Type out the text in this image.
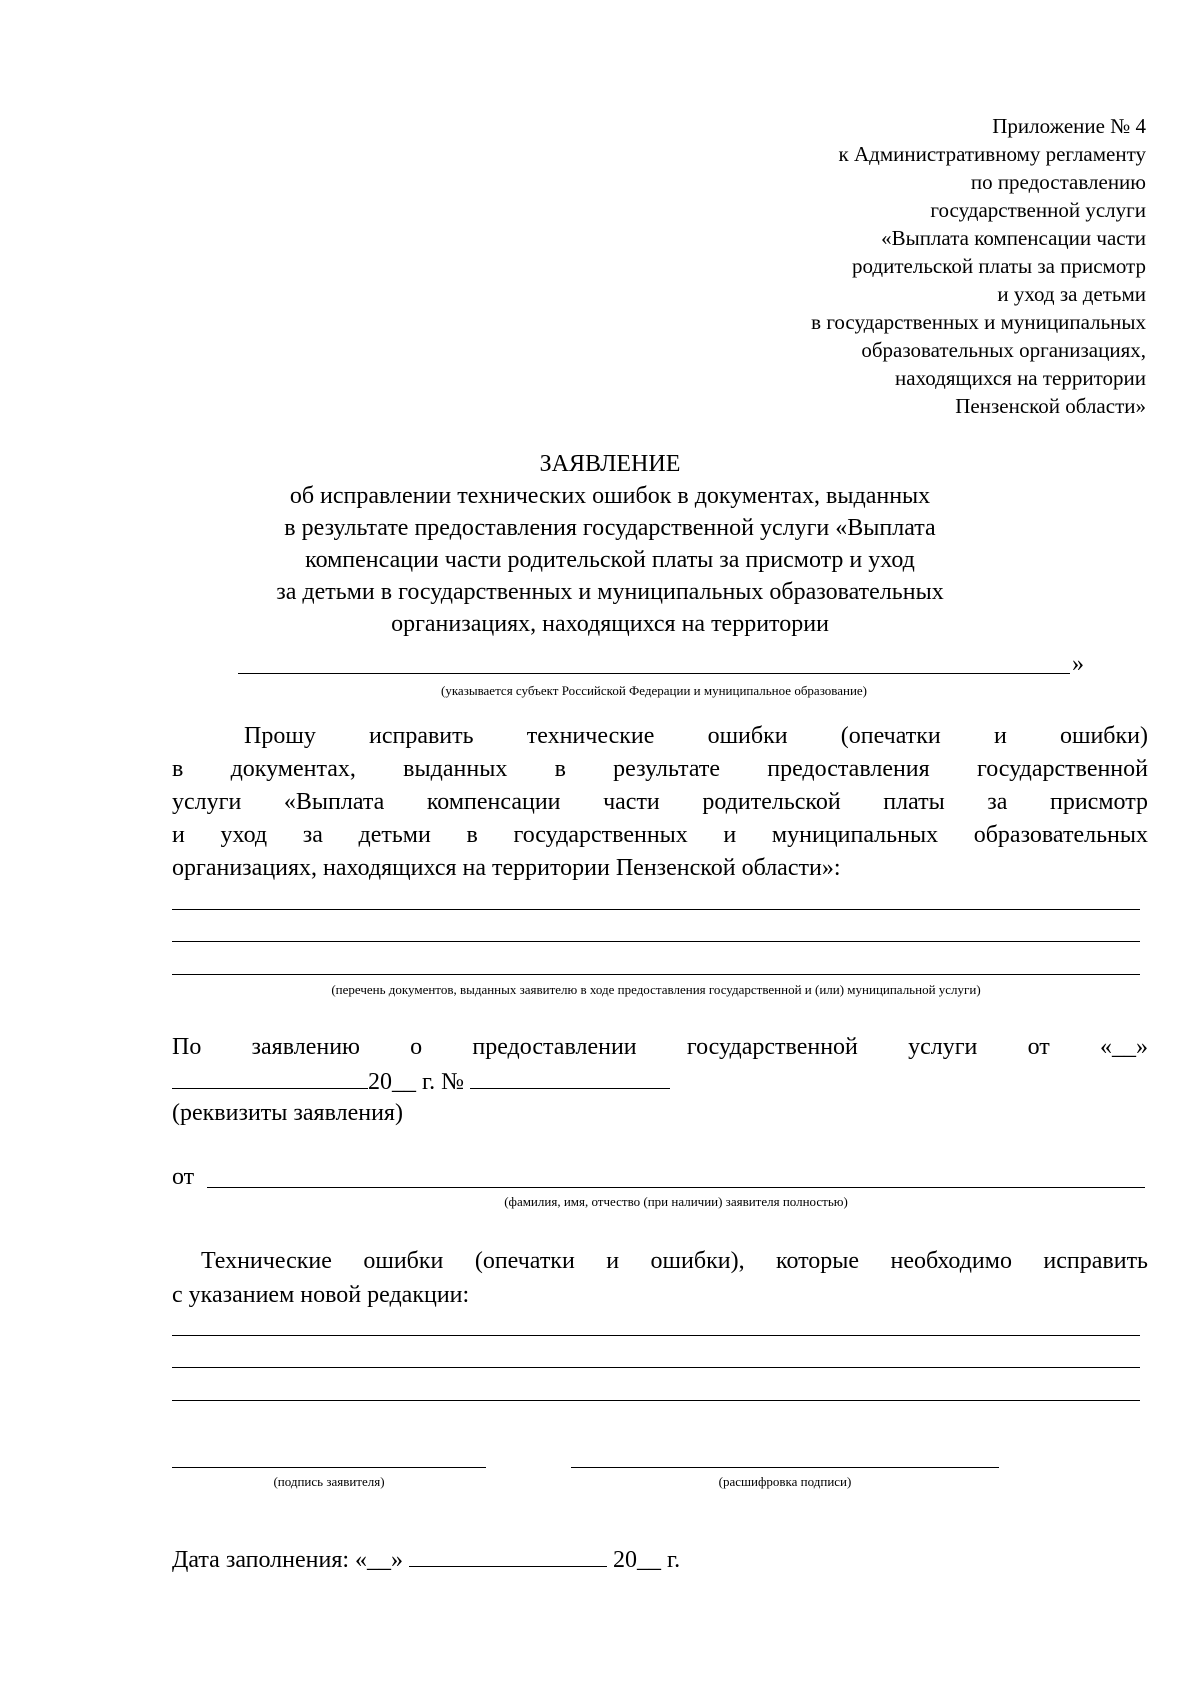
Приложение № 4
к Административному регламенту
по предоставлению
государственной услуги
«Выплата компенсации части
родительской платы за присмотр
и уход за детьми
в государственных и муниципальных
образовательных организациях,
находящихся на территории
Пензенской области»
ЗАЯВЛЕНИЕ
об исправлении технических ошибок в документах, выданных
в результате предоставления государственной услуги «Выплата
компенсации части родительской платы за присмотр и уход
за детьми в государственных и муниципальных образовательных
организациях, находящихся на территории
»
(указывается субъект Российской Федерации и муниципальное образование)
Прошу исправить технические ошибки (опечатки и ошибки)
в документах, выданных в результате предоставления государственной
услуги «Выплата компенсации части родительской платы за присмотр
и уход за детьми в государственных и муниципальных образовательных
организациях, находящихся на территории Пензенской области»:
(перечень документов, выданных заявителю в ходе предоставления государственной и (или) муниципальной услуги)
По заявлению о предоставлении государственной услуги от «__»
20__ г. №
(реквизиты заявления)
от
(фамилия, имя, отчество (при наличии) заявителя полностью)
Технические ошибки (опечатки и ошибки), которые необходимо исправить
с указанием новой редакции:
(подпись заявителя)	(расшифровка подписи)
Дата заполнения: «__»	20__ г.
